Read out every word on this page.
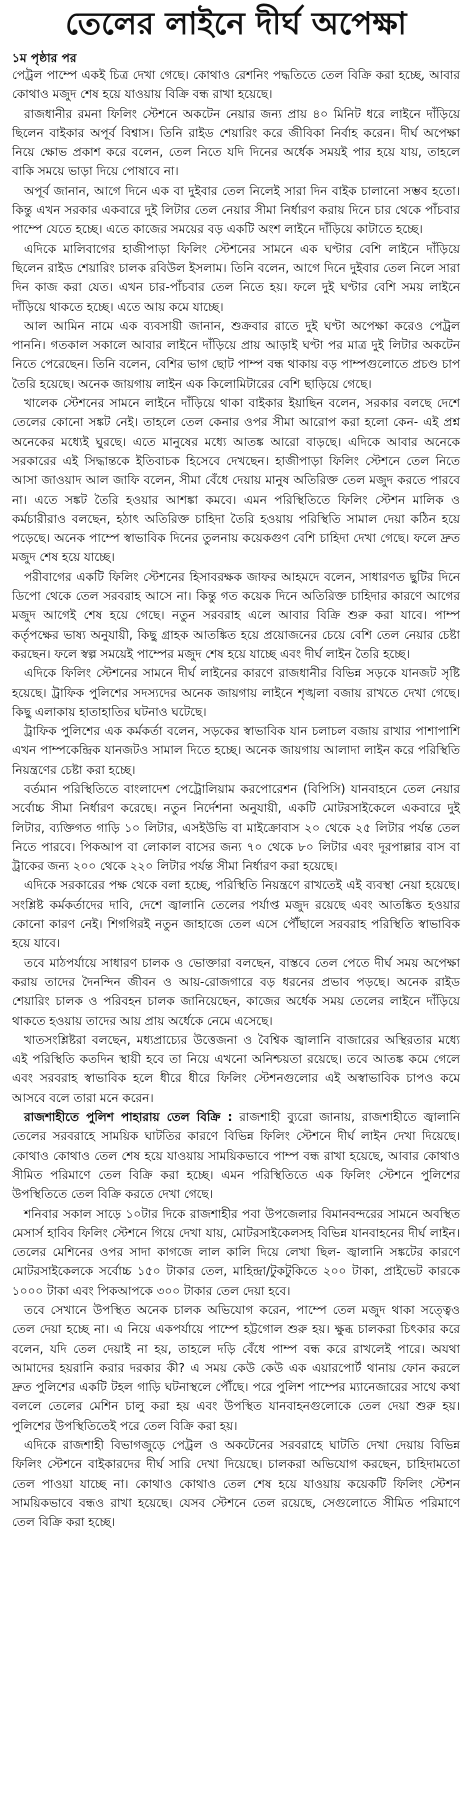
তেলের লাইনে দীর্ঘ অপেক্ষা

১ম পৃষ্ঠার পর

পেট্রল পাম্পে একই চিত্র দেখা গেছে। কোথাও রেশনিং পদ্ধতিতে তেল বিক্রি করা হচ্ছে, আবার কোথাও মজুদ শেষ হয়ে যাওয়ায় বিক্রি বন্ধ রাখা হয়েছে।

রাজধানীর রমনা ফিলিং স্টেশনে অকটেন নেয়ার জন্য প্রায় ৪০ মিনিট ধরে লাইনে দাঁড়িয়ে ছিলেন বাইকার অপূর্ব বিশ্বাস। তিনি রাইড শেয়ারিং করে জীবিকা নির্বাহ করেন। দীর্ঘ অপেক্ষা নিয়ে ক্ষোভ প্রকাশ করে বলেন, তেল নিতে যদি দিনের অর্ধেক সময়ই পার হয়ে যায়, তাহলে বাকি সময়ে ভাড়া দিয়ে পোষাবে না।

অপূর্ব জানান, আগে দিনে এক বা দুইবার তেল নিলেই সারা দিন বাইক চালানো সম্ভব হতো। কিন্তু এখন সরকার একবারে দুই লিটার তেল নেয়ার সীমা নির্ধারণ করায় দিনে চার থেকে পাঁচবার পাম্পে যেতে হচ্ছে। এতে কাজের সময়ের বড় একটি অংশ লাইনে দাঁড়িয়ে কাটাতে হচ্ছে।

এদিকে মালিবাগের হাজীপাড়া ফিলিং স্টেশনের সামনে এক ঘণ্টার বেশি লাইনে দাঁড়িয়ে ছিলেন রাইড শেয়ারিং চালক রবিউল ইসলাম। তিনি বলেন, আগে দিনে দুইবার তেল নিলে সারা দিন কাজ করা যেত। এখন চার-পাঁচবার তেল নিতে হয়। ফলে দুই ঘণ্টার বেশি সময় লাইনে দাঁড়িয়ে থাকতে হচ্ছে। এতে আয় কমে যাচ্ছে।

আল আমিন নামে এক ব্যবসায়ী জানান, শুক্রবার রাতে দুই ঘণ্টা অপেক্ষা করেও পেট্রল পাননি। গতকাল সকালে আবার লাইনে দাঁড়িয়ে প্রায় আড়াই ঘণ্টা পর মাত্র দুই লিটার অকটেন নিতে পেরেছেন। তিনি বলেন, বেশির ভাগ ছোট পাম্প বন্ধ থাকায় বড় পাম্পগুলোতে প্রচণ্ড চাপ তৈরি হয়েছে। অনেক জায়গায় লাইন এক কিলোমিটারের বেশি ছাড়িয়ে গেছে।

খালেক স্টেশনের সামনে লাইনে দাঁড়িয়ে থাকা বাইকার ইয়াছিন বলেন, সরকার বলছে দেশে তেলের কোনো সঙ্কট নেই। তাহলে তেল কেনার ওপর সীমা আরোপ করা হলো কেন- এই প্রশ্ন অনেকের মধ্যেই ঘুরছে। এতে মানুষের মধ্যে আতঙ্ক আরো বাড়ছে। এদিকে আবার অনেকে সরকারের এই সিদ্ধান্তকে ইতিবাচক হিসেবে দেখছেন। হাজীপাড়া ফিলিং স্টেশনে তেল নিতে আসা জাওয়াদ আল জাফি বলেন, সীমা বেঁধে দেয়ায় মানুষ অতিরিক্ত তেল মজুদ করতে পারবে না। এতে সঙ্কট তৈরি হওয়ার আশঙ্কা কমবে। এমন পরিস্থিতিতে ফিলিং স্টেশন মালিক ও কর্মচারীরাও বলছেন, হঠাৎ অতিরিক্ত চাহিদা তৈরি হওয়ায় পরিস্থিতি সামাল দেয়া কঠিন হয়ে পড়েছে। অনেক পাম্পে স্বাভাবিক দিনের তুলনায় কয়েকগুণ বেশি চাহিদা দেখা গেছে। ফলে দ্রুত মজুদ শেষ হয়ে যাচ্ছে।

পরীবাগের একটি ফিলিং স্টেশনের হিসাবরক্ষক জাফর আহমদে বলেন, সাধারণত ছুটির দিনে ডিপো থেকে তেল সরবরাহ আসে না। কিন্তু গত কয়েক দিনে অতিরিক্ত চাহিদার কারণে আগের মজুদ আগেই শেষ হয়ে গেছে। নতুন সরবরাহ এলে আবার বিক্রি শুরু করা যাবে। পাম্প কর্তৃপক্ষের ভাষ্য অনুযায়ী, কিছু গ্রাহক আতঙ্কিত হয়ে প্রয়োজনের চেয়ে বেশি তেল নেয়ার চেষ্টা করছেন। ফলে স্বল্প সময়েই পাম্পের মজুদ শেষ হয়ে যাচ্ছে এবং দীর্ঘ লাইন তৈরি হচ্ছে।

এদিকে ফিলিং স্টেশনের সামনে দীর্ঘ লাইনের কারণে রাজধানীর বিভিন্ন সড়কে যানজট সৃষ্টি হয়েছে। ট্রাফিক পুলিশের সদস্যদের অনেক জায়গায় লাইনে শৃঙ্খলা বজায় রাখতে দেখা গেছে। কিছু এলাকায় হাতাহাতির ঘটনাও ঘটেছে।

ট্রাফিক পুলিশের এক কর্মকর্তা বলেন, সড়কের স্বাভাবিক যান চলাচল বজায় রাখার পাশাপাশি এখন পাম্পকেন্দ্রিক যানজটও সামাল দিতে হচ্ছে। অনেক জায়গায় আলাদা লাইন করে পরিস্থিতি নিয়ন্ত্রণের চেষ্টা করা হচ্ছে।

বর্তমান পরিস্থিতিতে বাংলাদেশ পেট্রোলিয়াম করপোরেশন (বিপিসি) যানবাহনে তেল নেয়ার সর্বোচ্চ সীমা নির্ধারণ করেছে। নতুন নির্দেশনা অনুযায়ী, একটি মোটরসাইকেলে একবারে দুই লিটার, ব্যক্তিগত গাড়ি ১০ লিটার, এসইউভি বা মাইক্রোবাস ২০ থেকে ২৫ লিটার পর্যন্ত তেল নিতে পারবে। পিকআপ বা লোকাল বাসের জন্য ৭০ থেকে ৮০ লিটার এবং দূরপাল্লার বাস বা ট্রাকের জন্য ২০০ থেকে ২২০ লিটার পর্যন্ত সীমা নির্ধারণ করা হয়েছে।

এদিকে সরকারের পক্ষ থেকে বলা হচ্ছে, পরিস্থিতি নিয়ন্ত্রণে রাখতেই এই ব্যবস্থা নেয়া হয়েছে। সংশ্লিষ্ট কর্মকর্তাদের দাবি, দেশে জ্বালানি তেলের পর্যাপ্ত মজুদ রয়েছে এবং আতঙ্কিত হওয়ার কোনো কারণ নেই। শিগগিরই নতুন জাহাজে তেল এসে পৌঁছালে সরবরাহ পরিস্থিতি স্বাভাবিক হয়ে যাবে।

তবে মাঠপর্যায়ে সাধারণ চালক ও ভোক্তারা বলছেন, বাস্তবে তেল পেতে দীর্ঘ সময় অপেক্ষা করায় তাদের দৈনন্দিন জীবন ও আয়-রোজগারে বড় ধরনের প্রভাব পড়ছে। অনেক রাইড শেয়ারিং চালক ও পরিবহন চালক জানিয়েছেন, কাজের অর্ধেক সময় তেলের লাইনে দাঁড়িয়ে থাকতে হওয়ায় তাদের আয় প্রায় অর্ধেকে নেমে এসেছে।

খাতসংশ্লিষ্টরা বলছেন, মধ্যপ্রাচ্যের উত্তেজনা ও বৈশ্বিক জ্বালানি বাজারের অস্থিরতার মধ্যে এই পরিস্থিতি কতদিন স্থায়ী হবে তা নিয়ে এখনো অনিশ্চয়তা রয়েছে। তবে আতঙ্ক কমে গেলে এবং সরবরাহ স্বাভাবিক হলে ধীরে ধীরে ফিলিং স্টেশনগুলোর এই অস্বাভাবিক চাপও কমে আসবে বলে তারা মনে করেন।

রাজশাহীতে পুলিশ পাহারায় তেল বিক্রি : রাজশাহী ব্যুরো জানায়, রাজশাহীতে জ্বালানি তেলের সরবরাহে সাময়িক ঘাটতির কারণে বিভিন্ন ফিলিং স্টেশনে দীর্ঘ লাইন দেখা দিয়েছে। কোথাও কোথাও তেল শেষ হয়ে যাওয়ায় সাময়িকভাবে পাম্প বন্ধ রাখা হয়েছে, আবার কোথাও সীমিত পরিমাণে তেল বিক্রি করা হচ্ছে। এমন পরিস্থিতিতে এক ফিলিং স্টেশনে পুলিশের উপস্থিতিতে তেল বিক্রি করতে দেখা গেছে।

শনিবার সকাল সাড়ে ১০টার দিকে রাজশাহীর পবা উপজেলার বিমানবন্দরের সামনে অবস্থিত মেসার্স হাবিব ফিলিং স্টেশনে গিয়ে দেখা যায়, মোটরসাইকেলসহ বিভিন্ন যানবাহনের দীর্ঘ লাইন। তেলের মেশিনের ওপর সাদা কাগজে লাল কালি দিয়ে লেখা ছিল- জ্বালানি সঙ্কটের কারণে মোটরসাইকেলকে সর্বোচ্চ ১৫০ টাকার তেল, মাহিন্দ্রা/টুকটুকিতে ২০০ টাকা, প্রাইভেট কারকে ১০০০ টাকা এবং পিকআপকে ৩০০ টাকার তেল দেয়া হবে।

তবে সেখানে উপস্থিত অনেক চালক অভিযোগ করেন, পাম্পে তেল মজুদ থাকা সত্ত্বেও তেল দেয়া হচ্ছে না। এ নিয়ে একপর্যায়ে পাম্পে হট্টগোল শুরু হয়। ক্ষুব্ধ চালকরা চিৎকার করে বলেন, যদি তেল দেয়াই না হয়, তাহলে দড়ি বেঁধে পাম্প বন্ধ করে রাখলেই পারে। অযথা আমাদের হয়রানি করার দরকার কী? এ সময় কেউ কেউ এক এয়ারপোর্ট থানায় ফোন করলে দ্রুত পুলিশের একটি টহল গাড়ি ঘটনাস্থলে পৌঁছে। পরে পুলিশ পাম্পের ম্যানেজারের সাথে কথা বললে তেলের মেশিন চালু করা হয় এবং উপস্থিত যানবাহনগুলোকে তেল দেয়া শুরু হয়। পুলিশের উপস্থিতিতেই পরে তেল বিক্রি করা হয়।

এদিকে রাজশাহী বিভাগজুড়ে পেট্রল ও অকটেনের সরবরাহে ঘাটতি দেখা দেয়ায় বিভিন্ন ফিলিং স্টেশনে বাইকারদের দীর্ঘ সারি দেখা দিয়েছে। চালকরা অভিযোগ করছেন, চাহিদামতো তেল পাওয়া যাচ্ছে না। কোথাও কোথাও তেল শেষ হয়ে যাওয়ায় কয়েকটি ফিলিং স্টেশন সাময়িকভাবে বন্ধও রাখা হয়েছে। যেসব স্টেশনে তেল রয়েছে, সেগুলোতে সীমিত পরিমাণে তেল বিক্রি করা হচ্ছে।
